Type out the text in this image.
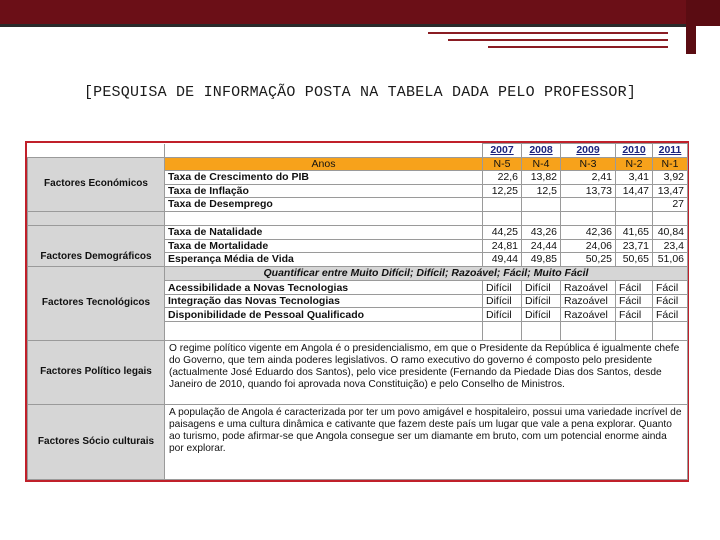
[PESQUISA DE INFORMAÇÃO POSTA NA TABELA DADA PELO PROFESSOR]
		2007	2008	2009	2010	2011
Factores Económicos	Anos	N-5	N-4	N-3	N-2	N-1
	Taxa de Crescimento do PIB	22,6	13,82	2,41	3,41	3,92
	Taxa de Inflação	12,25	12,5	13,73	14,47	13,47
	Taxa de Desemprego					27

Factores Demográficos	Taxa de Natalidade	44,25	43,26	42,36	41,65	40,84
	Taxa de Mortalidade	24,81	24,44	24,06	23,71	23,4
	Esperança Média de Vida	49,44	49,85	50,25	50,65	51,06
Factores Tecnológicos	Quantificar entre Muito Difícil; Difícil; Razoável; Fácil; Muito Fácil					
	Acessibilidade a Novas Tecnologias	Difícil	Difícil	Razoável	Fácil	Fácil
	Integração das Novas Tecnologias	Difícil	Difícil	Razoável	Fácil	Fácil
	Disponibilidade de Pessoal Qualificado	Difícil	Difícil	Razoável	Fácil	Fácil

Factores Político legais	O regime político vigente em Angola é o presidencialismo, em que o Presidente da República é igualmente chefe do Governo, que tem ainda poderes legislativos. O ramo executivo do governo é composto pelo presidente (actualmente José Eduardo dos Santos), pelo vice presidente (Fernando da Piedade Dias dos Santos, desde Janeiro de 2010, quando foi aprovada nova Constituição) e pelo Conselho de Ministros.					
Factores Sócio culturais	A população de Angola é caracterizada por ter um povo amigável e hospitaleiro, possui uma variedade incrível de paisagens e uma cultura dinâmica e cativante que fazem deste país um lugar que vale a pena explorar. Quanto ao turismo, pode afirmar-se que Angola consegue ser um diamante em bruto, com um potencial enorme ainda por explorar.					
